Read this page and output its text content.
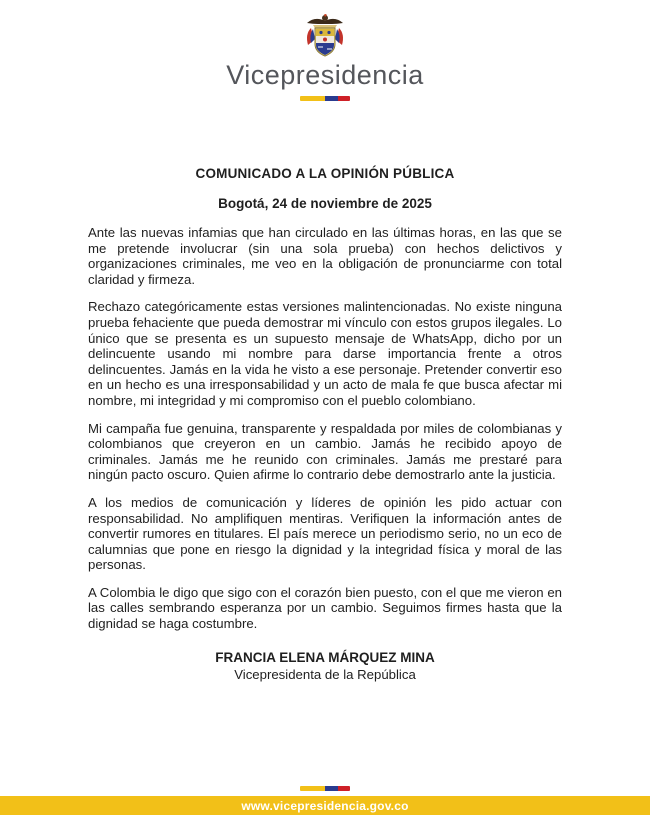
Vicepresidencia
COMUNICADO A LA OPINIÓN PÚBLICA
Bogotá, 24 de noviembre de 2025

Ante las nuevas infamias que han circulado en las últimas horas, en las que se me pretende involucrar (sin una sola prueba) con hechos delictivos y organizaciones criminales, me veo en la obligación de pronunciarme con total claridad y firmeza.

Rechazo categóricamente estas versiones malintencionadas. No existe ninguna prueba fehaciente que pueda demostrar mi vínculo con estos grupos ilegales. Lo único que se presenta es un supuesto mensaje de WhatsApp, dicho por un delincuente usando mi nombre para darse importancia frente a otros delincuentes. Jamás en la vida he visto a ese personaje. Pretender convertir eso en un hecho es una irresponsabilidad y un acto de mala fe que busca afectar mi nombre, mi integridad y mi compromiso con el pueblo colombiano.

Mi campaña fue genuina, transparente y respaldada por miles de colombianas y colombianos que creyeron en un cambio. Jamás he recibido apoyo de criminales. Jamás me he reunido con criminales. Jamás me prestaré para ningún pacto oscuro. Quien afirme lo contrario debe demostrarlo ante la justicia.

A los medios de comunicación y líderes de opinión les pido actuar con responsabilidad. No amplifiquen mentiras. Verifiquen la información antes de convertir rumores en titulares. El país merece un periodismo serio, no un eco de calumnias que pone en riesgo la dignidad y la integridad física y moral de las personas.

A Colombia le digo que sigo con el corazón bien puesto, con el que me vieron en las calles sembrando esperanza por un cambio. Seguimos firmes hasta que la dignidad se haga costumbre.

FRANCIA ELENA MÁRQUEZ MINA

Vicepresidenta de la República

www.vicepresidencia.gov.co
